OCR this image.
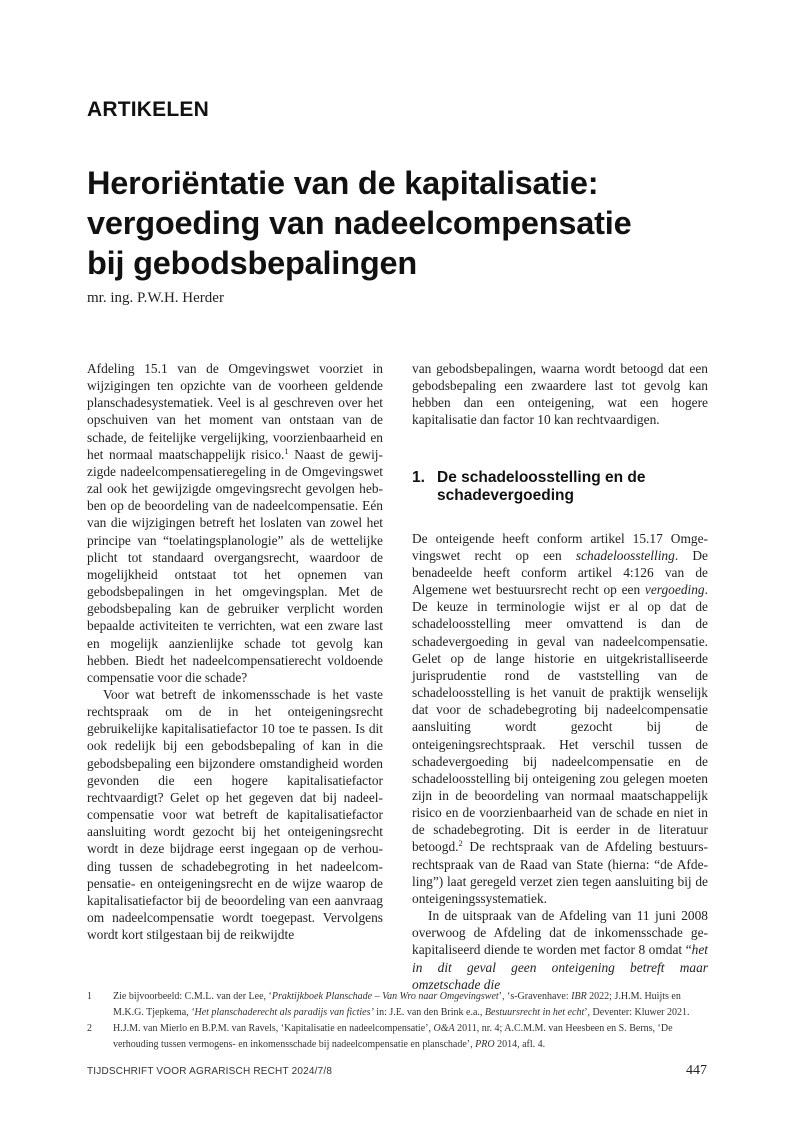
ARTIKELEN
Heroriëntatie van de kapitalisatie:
vergoeding van nadeelcompensatie
bij gebodsbepalingen
mr. ing. P.W.H. Herder

Afdeling 15.1 van de Omgevingswet voorziet in wijzigingen ten opzichte van de voorheen geldende planschadesystematiek. Veel is al geschreven over het opschuiven van het moment van ontstaan van de schade, de feitelijke vergelijking, voorzienbaarheid en het normaal maatschappelijk risico.$^1$ Naast de gewijzigde nadeelcompensatieregeling in de Omgevingswet zal ook het gewijzigde omgevingsrecht gevolgen hebben op de beoordeling van de nadeelcompensatie. Eén van die wijzigingen betreft het loslaten van zowel het principe van “toelatingsplanologie” als de wettelijke plicht tot standaard overgangsrecht, waardoor de mogelijkheid ontstaat tot het opnemen van gebodsbepalingen in het omgevingsplan. Met de gebodsbepaling kan de gebruiker verplicht worden bepaalde activiteiten te verrichten, wat een zware last en mogelijk aanzienlijke schade tot gevolg kan hebben. Biedt het nadeelcompensatierecht voldoende compensatie voor die schade?

Voor wat betreft de inkomensschade is het vaste rechtspraak om de in het onteigeningsrecht gebruikelijke kapitalisatiefactor 10 toe te passen. Is dit ook redelijk bij een gebodsbepaling of kan in die gebodsbepaling een bijzondere omstandigheid worden gevonden die een hogere kapitalisatiefactor rechtvaardigt? Gelet op het gegeven dat bij nadeelcompensatie voor wat betreft de kapitalisatiefactor aansluiting wordt gezocht bij het onteigeningsrecht wordt in deze bijdrage eerst ingegaan op de verhouding tussen de schadebegroting in het nadeelcompensatie- en onteigeningsrecht en de wijze waarop de kapitalisatiefactor bij de beoordeling van een aanvraag om nadeelcompensatie wordt toegepast. Vervolgens wordt kort stilgestaan bij de reikwijdte

van gebodsbepalingen, waarna wordt betoogd dat een gebodsbepaling een zwaardere last tot gevolg kan hebben dan een onteigening, wat een hogere kapitalisatie dan factor 10 kan rechtvaardigen.

1. De schadeloosstelling en de schadevergoeding

De onteigende heeft conform artikel 15.17 Omgevingswet recht op een schadeloosstelling. De benadeelde heeft conform artikel 4:126 van de Algemene wet bestuursrecht recht op een vergoeding. De keuze in terminologie wijst er al op dat de schadeloosstelling meer omvattend is dan de schadevergoeding in geval van nadeelcompensatie. Gelet op de lange historie en uitgekristalliseerde jurisprudentie rond de vaststelling van de schadeloosstelling is het vanuit de praktijk wenselijk dat voor de schadebegroting bij nadeelcompensatie aansluiting wordt gezocht bij de onteigeningsrechtspraak. Het verschil tussen de schadevergoeding bij nadeelcompensatie en de schadeloosstelling bij onteigening zou gelegen moeten zijn in de beoordeling van normaal maatschappelijk risico en de voorzienbaarheid van de schade en niet in de schadebegroting. Dit is eerder in de literatuur betoogd.$^2$ De rechtspraak van de Afdeling bestuursrechtspraak van de Raad van State (hierna: “de Afdeling”) laat geregeld verzet zien tegen aansluiting bij de onteigeningssystematiek.

In de uitspraak van de Afdeling van 11 juni 2008 overwoog de Afdeling dat de inkomensschade gekapitaliseerd diende te worden met factor 8 omdat “het in dit geval geen onteigening betreft maar omzetschade die

1	Zie bijvoorbeeld: C.M.L. van der Lee, ‘Praktijkboek Planschade – Van Wro naar Omgevingswet’, ‘s-Gravenhave: IBR 2022; J.H.M. Huijts en M.K.G. Tjepkema, ‘Het planschaderecht als paradijs van ficties’ in: J.E. van den Brink e.a., Bestuursrecht in het echt’, Deventer: Kluwer 2021.
2	H.J.M. van Mierlo en B.P.M. van Ravels, ‘Kapitalisatie en nadeelcompensatie’, O&A 2011, nr. 4; A.C.M.M. van Heesbeen en S. Berns, ‘De verhouding tussen vermogens- en inkomensschade bij nadeelcompensatie en planschade’, PRO 2014, afl. 4.
TIJDSCHRIFT VOOR AGRARISCH RECHT 2024/7/8	447
